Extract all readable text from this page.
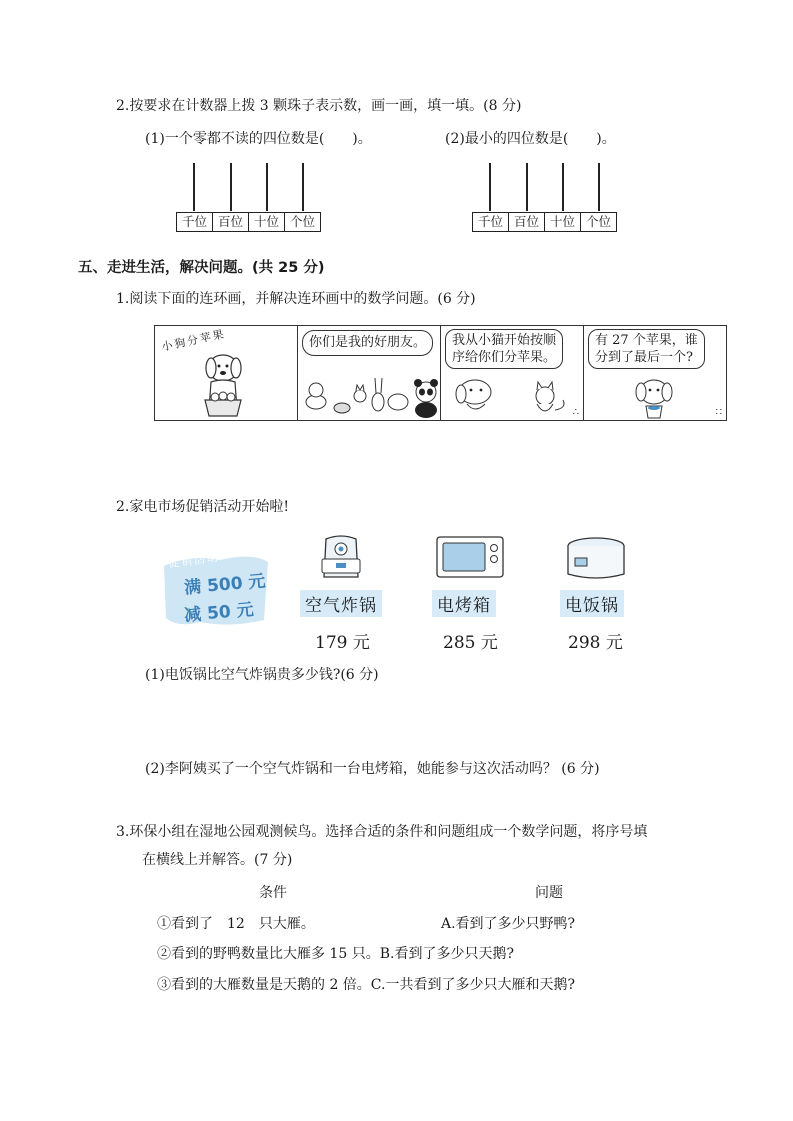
2.按要求在计数器上拨 3 颗珠子表示数，画一画，填一填。(8 分)
(1)一个零都不读的四位数是(　　)。	(2)最小的四位数是(　　)。
千位 百位 十位 个位	千位 百位 十位 个位
五、走进生活，解决问题。(共 25 分)
1.阅读下面的连环画，并解决连环画中的数学问题。(6 分)
小狗分苹果	你们是我的好朋友。
∴
我从小猫开始按顺
序给你们分苹果。
∴
有 27 个苹果，谁
分到了最后一个?
∷
2.家电市场促销活动开始啦!
促销活动
满 500 元
减 50 元	空气炸锅	电烤箱	电饭锅
179 元	285 元	298 元
(1)电饭锅比空气炸锅贵多少钱?(6 分)
(2)李阿姨买了一个空气炸锅和一台电烤箱，她能参与这次活动吗？ (6 分)
3.环保小组在湿地公园观测候鸟。选择合适的条件和问题组成一个数学问题，将序号填
在横线上并解答。(7 分)
条件	问题
①看到了　12　只大雁。	A.看到了多少只野鸭?
②看到的野鸭数量比大雁多 15 只。B.看到了多少只天鹅?
③看到的大雁数量是天鹅的 2 倍。C.一共看到了多少只大雁和天鹅?
